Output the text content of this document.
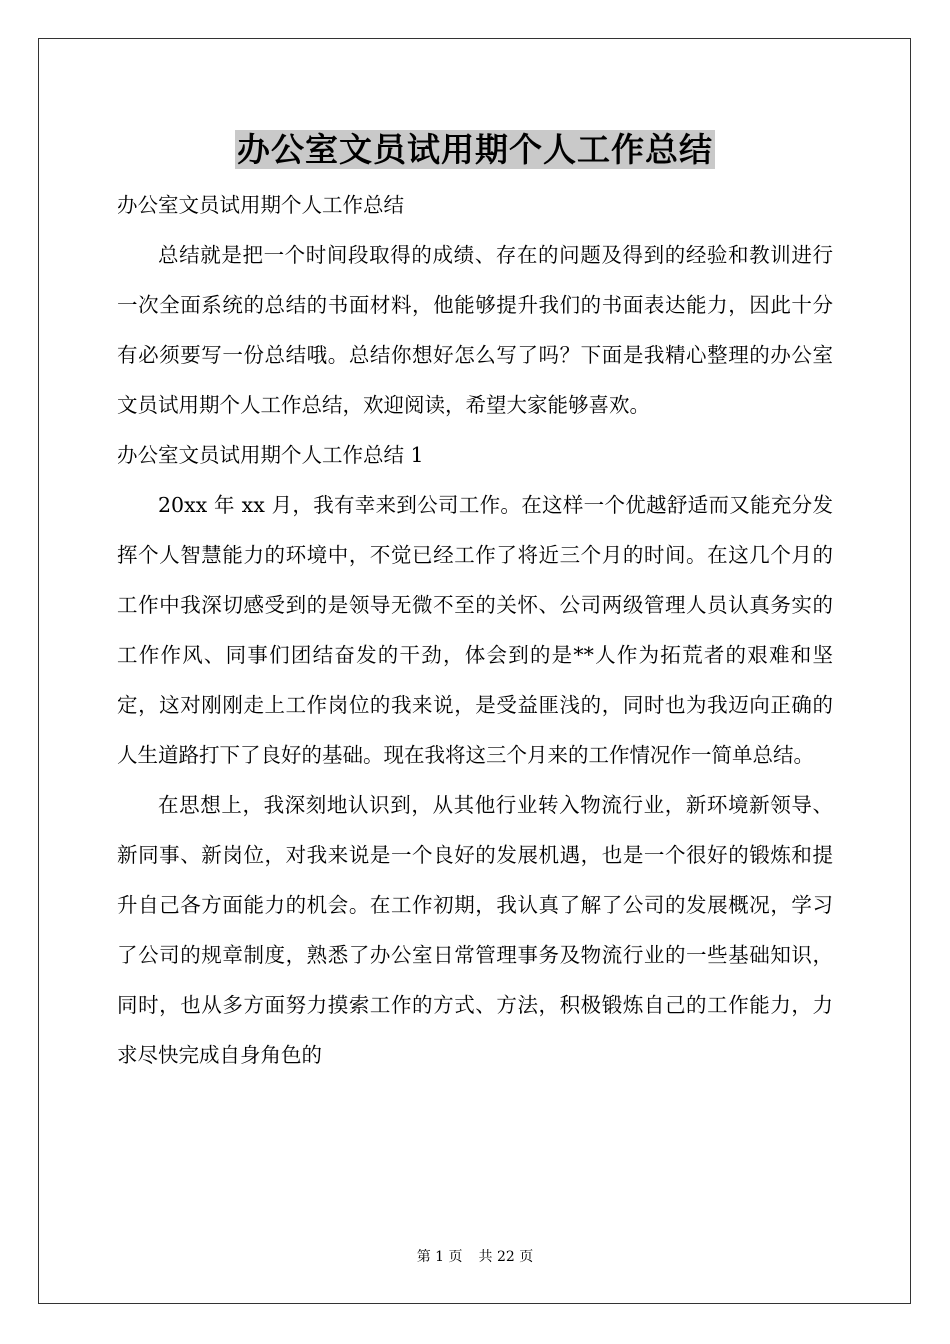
办公室文员试用期个人工作总结

办公室文员试用期个人工作总结

总结就是把一个时间段取得的成绩、存在的问题及得到的经验和教训进行一次全面系统的总结的书面材料，他能够提升我们的书面表达能力，因此十分有必须要写一份总结哦。总结你想好怎么写了吗？下面是我精心整理的办公室文员试用期个人工作总结，欢迎阅读，希望大家能够喜欢。

办公室文员试用期个人工作总结 1

20xx 年 xx 月，我有幸来到公司工作。在这样一个优越舒适而又能充分发挥个人智慧能力的环境中，不觉已经工作了将近三个月的时间。在这几个月的工作中我深切感受到的是领导无微不至的关怀、公司两级管理人员认真务实的工作作风、同事们团结奋发的干劲，体会到的是**人作为拓荒者的艰难和坚定，这对刚刚走上工作岗位的我来说，是受益匪浅的，同时也为我迈向正确的人生道路打下了良好的基础。现在我将这三个月来的工作情况作一简单总结。

在思想上，我深刻地认识到，从其他行业转入物流行业，新环境新领导、新同事、新岗位，对我来说是一个良好的发展机遇，也是一个很好的锻炼和提升自己各方面能力的机会。在工作初期，我认真了解了公司的发展概况，学习了公司的规章制度，熟悉了办公室日常管理事务及物流行业的一些基础知识，同时，也从多方面努力摸索工作的方式、方法，积极锻炼自己的工作能力，力求尽快完成自身角色的

第 1 页 共 22 页
